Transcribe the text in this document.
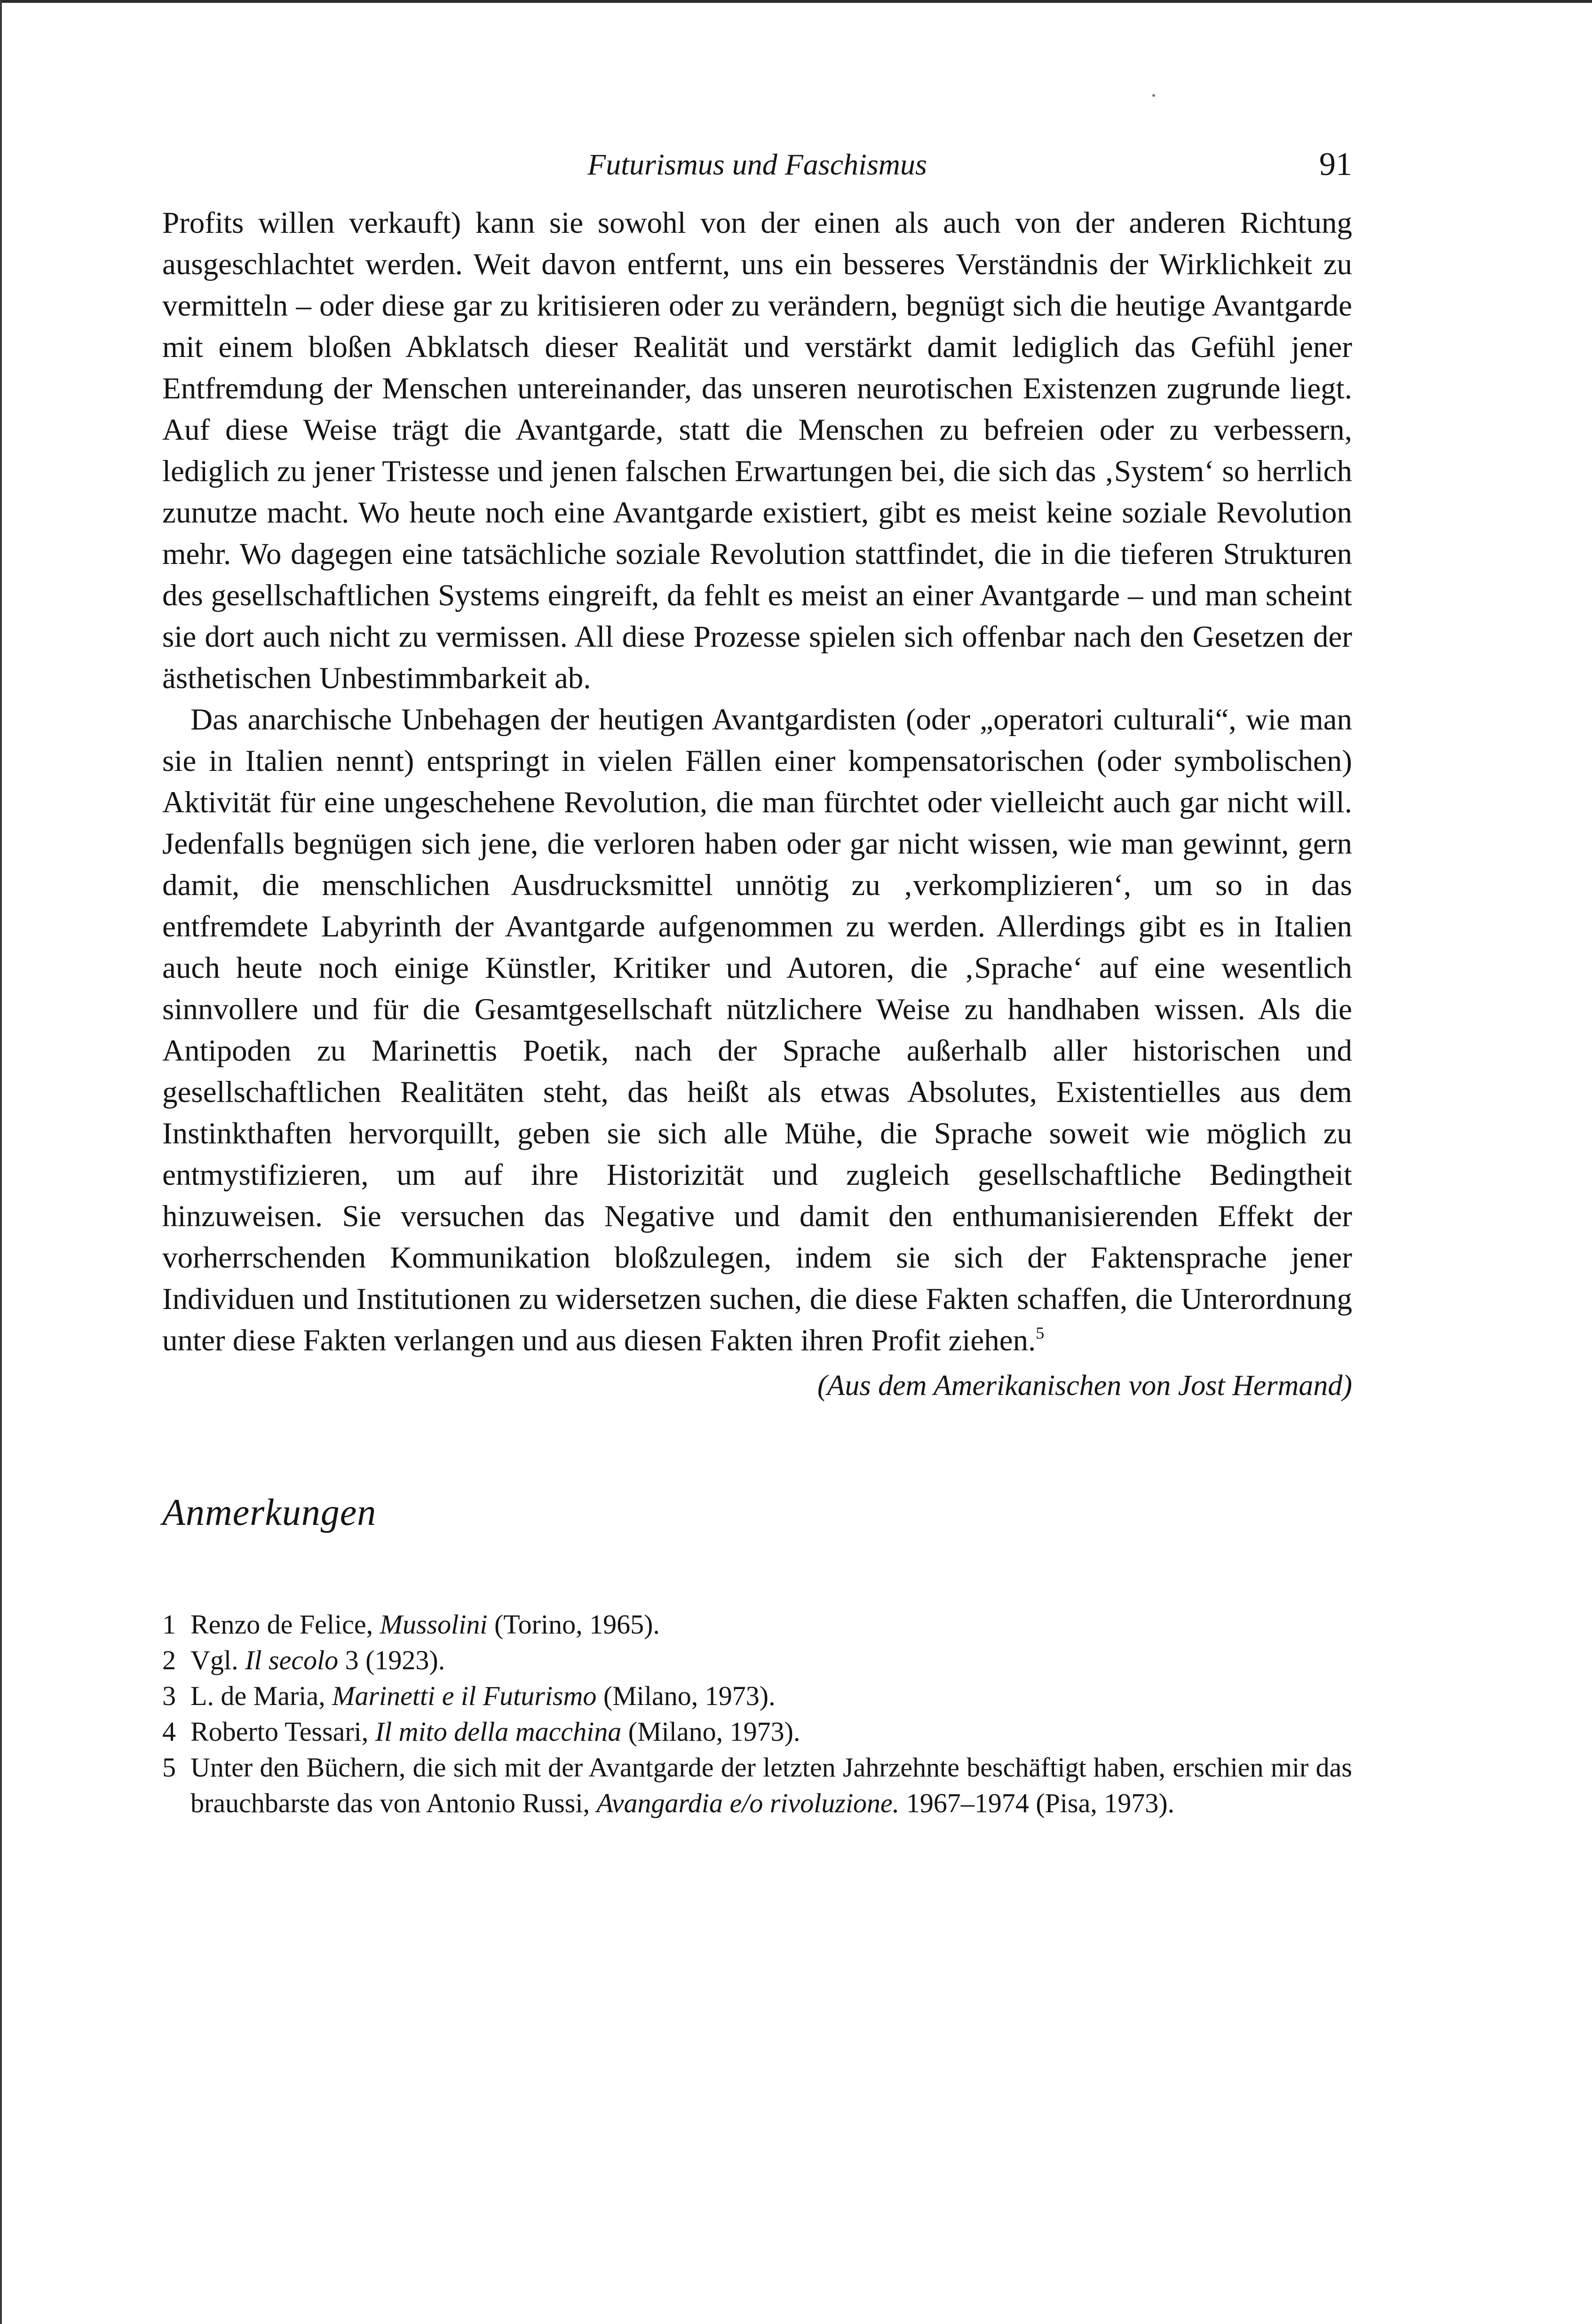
Futurismus und Faschismus	91

Profits willen verkauft) kann sie sowohl von der einen als auch von der anderen Richtung ausgeschlachtet werden. Weit davon entfernt, uns ein besseres Verständnis der Wirklichkeit zu vermitteln – oder diese gar zu kritisieren oder zu verändern, begnügt sich die heutige Avantgarde mit einem bloßen Abklatsch dieser Realität und verstärkt damit lediglich das Gefühl jener Entfremdung der Menschen untereinander, das unseren neurotischen Existenzen zugrunde liegt. Auf diese Weise trägt die Avantgarde, statt die Menschen zu befreien oder zu verbessern, lediglich zu jener Tristesse und jenen falschen Erwartungen bei, die sich das ‚System‘ so herrlich zunutze macht. Wo heute noch eine Avantgarde existiert, gibt es meist keine soziale Revolution mehr. Wo dagegen eine tatsächliche soziale Revolution stattfindet, die in die tieferen Strukturen des gesellschaftlichen Systems eingreift, da fehlt es meist an einer Avantgarde – und man scheint sie dort auch nicht zu vermissen. All diese Prozesse spielen sich offenbar nach den Gesetzen der ästhetischen Unbestimmbarkeit ab.

Das anarchische Unbehagen der heutigen Avantgardisten (oder „operatori culturali“, wie man sie in Italien nennt) entspringt in vielen Fällen einer kompensatorischen (oder symbolischen) Aktivität für eine ungeschehene Revolution, die man fürchtet oder vielleicht auch gar nicht will. Jedenfalls begnügen sich jene, die verloren haben oder gar nicht wissen, wie man gewinnt, gern damit, die menschlichen Ausdrucksmittel unnötig zu ‚verkomplizieren‘, um so in das entfremdete Labyrinth der Avantgarde aufgenommen zu werden. Allerdings gibt es in Italien auch heute noch einige Künstler, Kritiker und Autoren, die ‚Sprache‘ auf eine wesentlich sinnvollere und für die Gesamtgesellschaft nützlichere Weise zu handhaben wissen. Als die Antipoden zu Marinettis Poetik, nach der Sprache außerhalb aller historischen und gesellschaftlichen Realitäten steht, das heißt als etwas Absolutes, Existentielles aus dem Instinkthaften hervorquillt, geben sie sich alle Mühe, die Sprache soweit wie möglich zu entmystifizieren, um auf ihre Historizität und zugleich gesellschaftliche Bedingtheit hinzuweisen. Sie versuchen das Negative und damit den enthumanisierenden Effekt der vorherrschenden Kommunikation bloßzulegen, indem sie sich der Faktensprache jener Individuen und Institutionen zu widersetzen suchen, die diese Fakten schaffen, die Unterordnung unter diese Fakten verlangen und aus diesen Fakten ihren Profit ziehen.$^5$

(Aus dem Amerikanischen von Jost Hermand)
Anmerkungen
1 Renzo de Felice, Mussolini (Torino, 1965).
2 Vgl. Il secolo 3 (1923).
3 L. de Maria, Marinetti e il Futurismo (Milano, 1973).
4 Roberto Tessari, Il mito della macchina (Milano, 1973).
5 Unter den Büchern, die sich mit der Avantgarde der letzten Jahrzehnte beschäftigt haben, erschien mir das brauchbarste das von Antonio Russi, Avangardia e/o rivoluzione. 1967–1974 (Pisa, 1973).
